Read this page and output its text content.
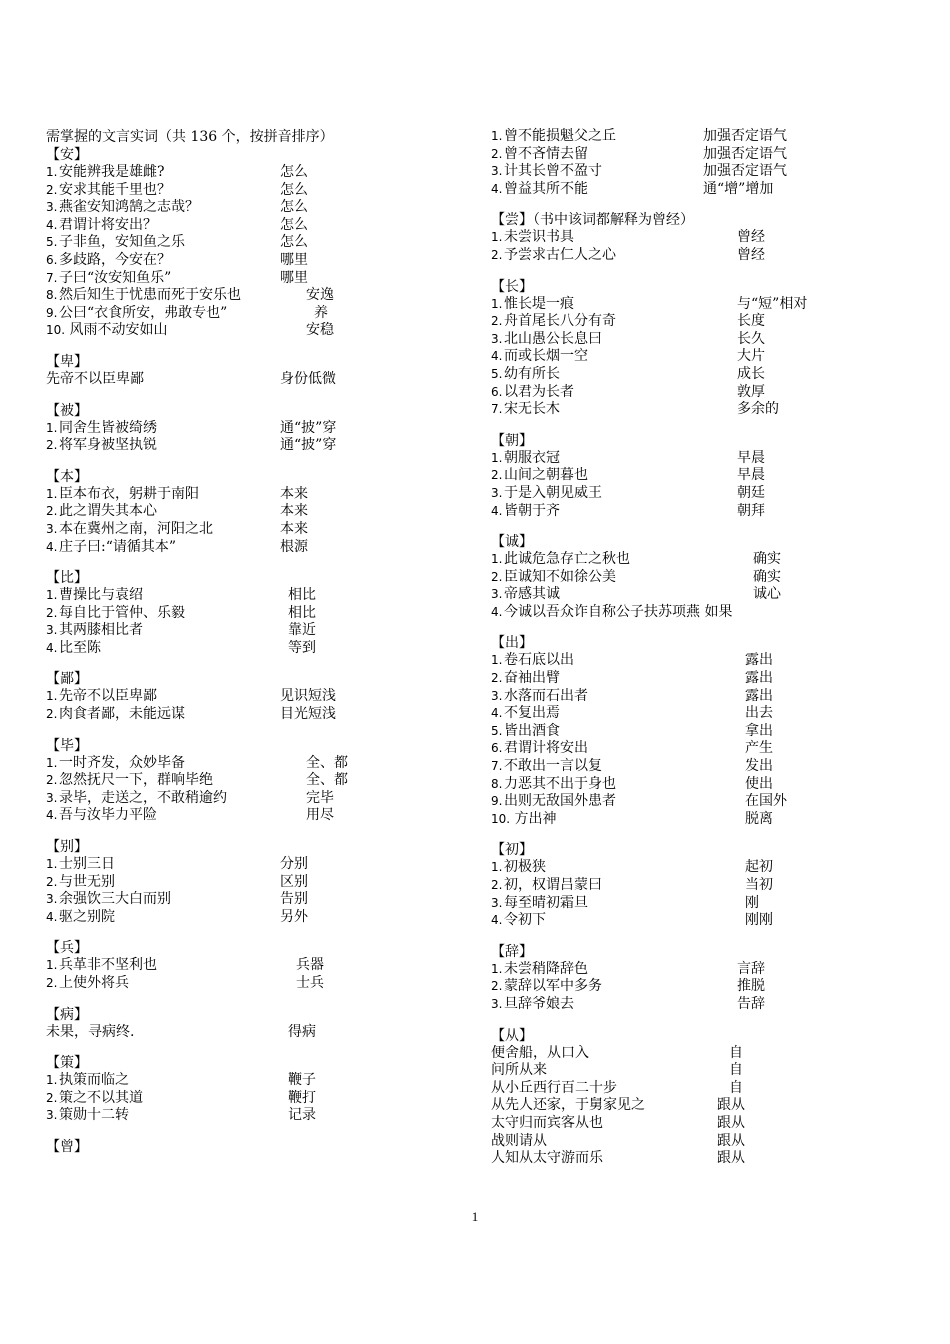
需掌握的文言实词（共 136 个，按拼音排序）
【安】
1 . 安能辨我是雄雌?	怎么
2 . 安求其能千里也？	怎么
3 . 燕雀安知鸿鹄之志哉？	怎么
4 . 君谓计将安出？	怎么
5 . 子非鱼，安知鱼之乐	怎么
6 . 多歧路，今安在？	哪里
7 . 子曰“汝安知鱼乐”	哪里
8 . 然后知生于忧患而死于安乐也	安逸
9 . 公曰“衣食所安，弗敢专也”	养
10 . 风雨不动安如山	安稳
【卑】
先帝不以臣卑鄙	身份低微
【被】
1 . 同舍生皆被绮绣	通“披”穿
2 . 将军身被坚执锐	通“披”穿
【本】
1 . 臣本布衣，躬耕于南阳	本来
2 . 此之谓失其本心	本来
3 . 本在冀州之南，河阳之北	本来
4 . 庄子曰:“请循其本”	根源
【比】
1 . 曹操比与袁绍	相比
2 . 每自比于管仲、乐毅	相比
3 . 其两膝相比者	靠近
4 . 比至陈	等到
【鄙】
1 . 先帝不以臣卑鄙	见识短浅
2 . 肉食者鄙，未能远谋	目光短浅
【毕】
1 . 一时齐发，众妙毕备	全、都
2 . 忽然抚尺一下，群响毕绝	全、都
3 . 录毕，走送之，不敢稍逾约	完毕
4 . 吾与汝毕力平险	用尽
【别】
1 . 士别三日	分别
2 . 与世无别	区别
3 . 余强饮三大白而别	告别
4 . 驱之别院	另外
【兵】
1 . 兵革非不坚利也	兵器
2 . 上使外将兵	士兵
【病】
未果，寻病终.	得病
【策】
1 . 执策而临之	鞭子
2 . 策之不以其道	鞭打
3 . 策勋十二转	记录
【曾】
1 . 曾不能损魁父之丘	加强否定语气
2 . 曾不吝情去留	加强否定语气
3 . 计其长曾不盈寸	加强否定语气
4 . 曾益其所不能	通“增”增加
【尝】（书中该词都解释为曾经）
1 . 未尝识书具	曾经
2 . 予尝求古仁人之心	曾经
【长】
1 . 惟长堤一痕	与“短”相对
2 . 舟首尾长八分有奇	长度
3 . 北山愚公长息曰	长久
4 . 而或长烟一空	大片
5 . 幼有所长	成长
6 . 以君为长者	敦厚
7 . 宋无长木	多余的
【朝】
1 . 朝服衣冠	早晨
2 . 山间之朝暮也	早晨
3 . 于是入朝见威王	朝廷
4 . 皆朝于齐	朝拜
【诚】
1 . 此诚危急存亡之秋也	确实
2 . 臣诚知不如徐公美	确实
3 . 帝感其诚	诚心
4 . 今诚以吾众诈自称公子扶苏项燕 如果
【出】
1 . 卷石底以出	露出
2 . 奋袖出臂	露出
3 . 水落而石出者	露出
4 . 不复出焉	出去
5 . 皆出酒食	拿出
6 . 君谓计将安出	产生
7 . 不敢出一言以复	发出
8 . 力恶其不出于身也	使出
9 . 出则无敌国外患者	在国外
10 . 方出神	脱离
【初】
1 . 初极狭	起初
2 . 初，权谓吕蒙曰	当初
3 . 每至晴初霜旦	刚
4 . 令初下	刚刚
【辞】
1 . 未尝稍降辞色	言辞
2 . 蒙辞以军中多务	推脱
3 . 旦辞爷娘去	告辞
【从】
便舍船，从口入	自
问所从来	自
从小丘西行百二十步	自
从先人还家，于舅家见之	跟从
太守归而宾客从也	跟从
战则请从	跟从
人知从太守游而乐	跟从
1
